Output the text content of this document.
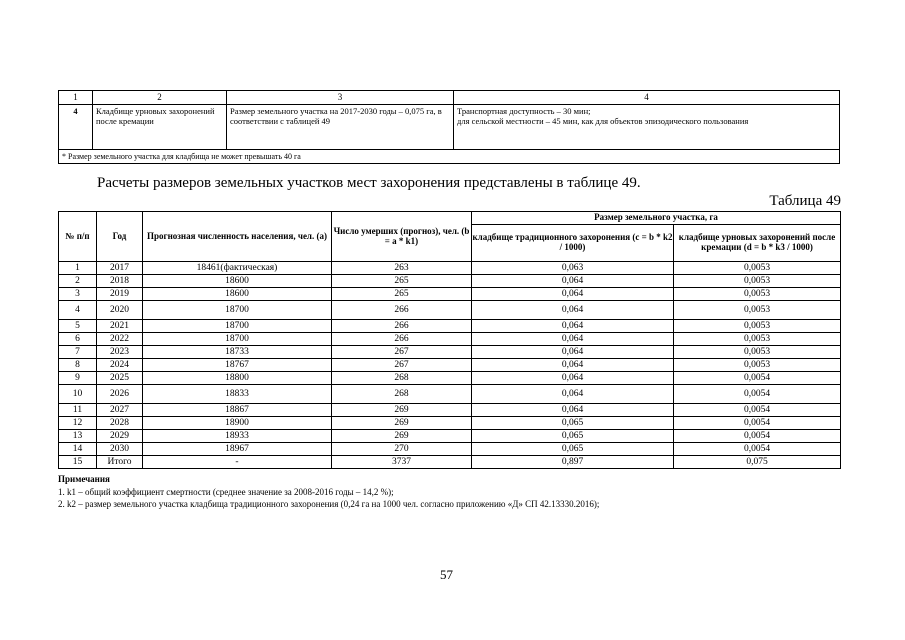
1	2	3	4
4	Кладбище урновых захоронений после кремации	Размер земельного участка на 2017-2030 годы – 0,075 га, в соответствии с таблицей 49	Транспортная доступность – 30 мин;
для сельской местности – 45 мин, как для объектов эпизодического пользования

* Размер земельного участка для кладбища не может превышать 40 га			
Расчеты размеров земельных участков мест захоронения представлены в таблице 49.
Таблица 49
№ п/п	Год	Прогнозная численность населения, чел. (a)	Число умерших (прогноз), чел. (b = a * k1)	Размер земельного участка, га	
				кладбище традиционного захоронения (c = b * k2 / 1000)	кладбище урновых захоронений после кремации (d = b * k3 / 1000)
1	2017	18461(фактическая)	263	0,063	0,0053
2	2018	18600	265	0,064	0,0053
3	2019	18600	265	0,064	0,0053
4	2020	18700	266	0,064	0,0053
5	2021	18700	266	0,064	0,0053
6	2022	18700	266	0,064	0,0053
7	2023	18733	267	0,064	0,0053
8	2024	18767	267	0,064	0,0053
9	2025	18800	268	0,064	0,0054
10	2026	18833	268	0,064	0,0054
11	2027	18867	269	0,064	0,0054
12	2028	18900	269	0,065	0,0054
13	2029	18933	269	0,065	0,0054
14	2030	18967	270	0,065	0,0054
15	Итого	-	3737	0,897	0,075
Примечания
1. k1 – общий коэффициент смертности (среднее значение за 2008-2016 годы – 14,2 %);
2. k2 – размер земельного участка кладбища традиционного захоронения (0,24 га на 1000 чел. согласно приложению «Д» СП 42.13330.2016);
57
